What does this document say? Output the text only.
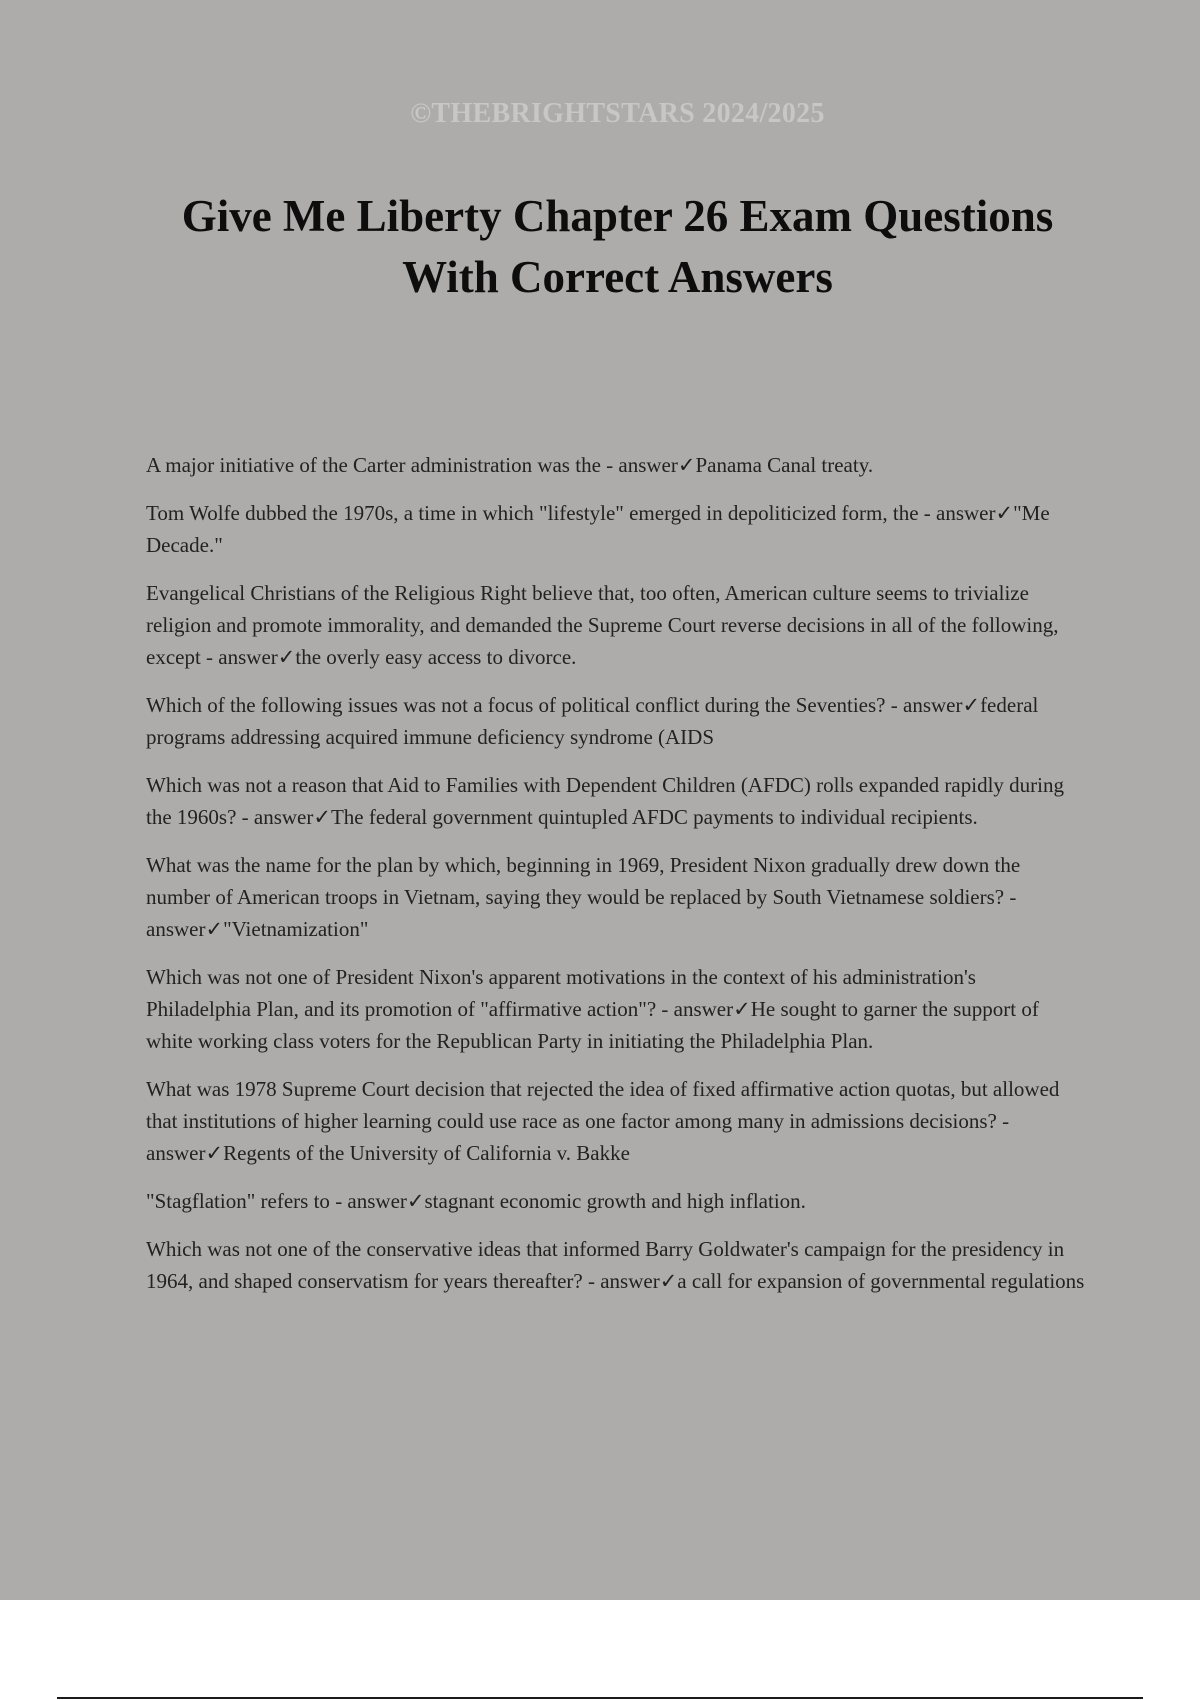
©THEBRIGHTSTARS 2024/2025
Give Me Liberty Chapter 26 Exam Questions With Correct Answers
A major initiative of the Carter administration was the - answer✓Panama Canal treaty.
Tom Wolfe dubbed the 1970s, a time in which "lifestyle" emerged in depoliticized form, the - answer✓"Me Decade."
Evangelical Christians of the Religious Right believe that, too often, American culture seems to trivialize religion and promote immorality, and demanded the Supreme Court reverse decisions in all of the following, except - answer✓the overly easy access to divorce.
Which of the following issues was not a focus of political conflict during the Seventies? - answer✓federal programs addressing acquired immune deficiency syndrome (AIDS
Which was not a reason that Aid to Families with Dependent Children (AFDC) rolls expanded rapidly during the 1960s? - answer✓The federal government quintupled AFDC payments to individual recipients.
What was the name for the plan by which, beginning in 1969, President Nixon gradually drew down the number of American troops in Vietnam, saying they would be replaced by South Vietnamese soldiers? - answer✓"Vietnamization"
Which was not one of President Nixon's apparent motivations in the context of his administration's Philadelphia Plan, and its promotion of "affirmative action"? - answer✓He sought to garner the support of white working class voters for the Republican Party in initiating the Philadelphia Plan.
What was 1978 Supreme Court decision that rejected the idea of fixed affirmative action quotas, but allowed that institutions of higher learning could use race as one factor among many in admissions decisions? - answer✓Regents of the University of California v. Bakke
"Stagflation" refers to - answer✓stagnant economic growth and high inflation.
Which was not one of the conservative ideas that informed Barry Goldwater's campaign for the presidency in 1964, and shaped conservatism for years thereafter? - answer✓a call for expansion of governmental regulations
